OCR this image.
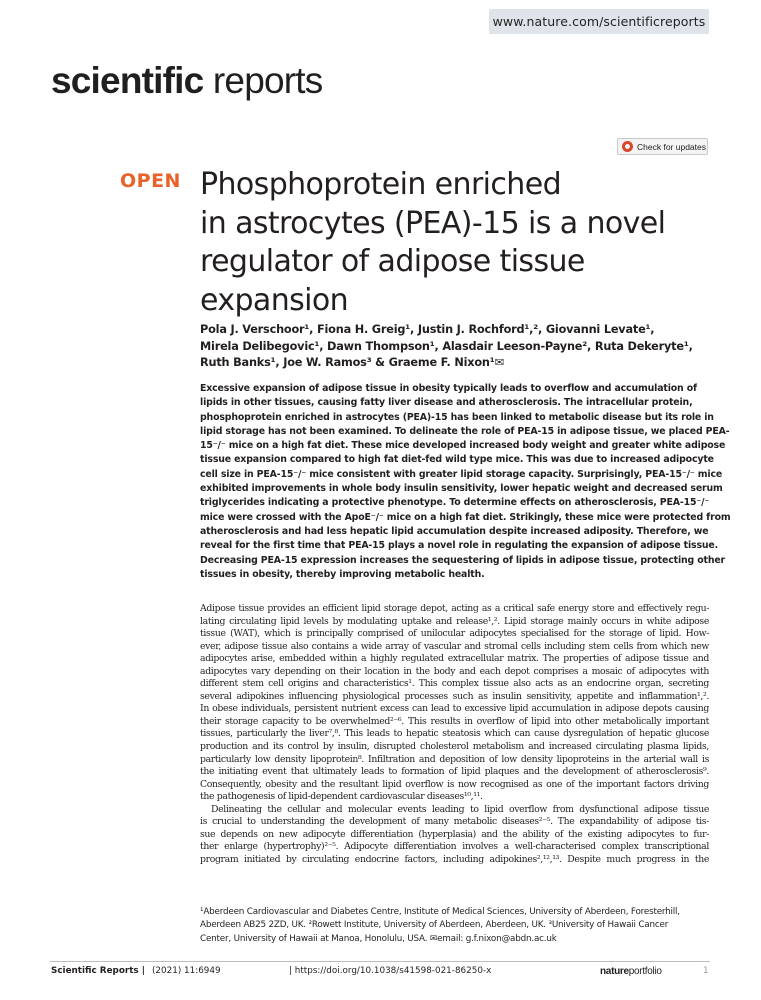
www.nature.com/scientificreports
scientific reports
Check for updates
OPEN Phosphoprotein enriched
in astrocytes (PEA)-15 is a novel
regulator of adipose tissue
expansion
Pola J. Verschoor¹, Fiona H. Greig¹, Justin J. Rochford¹,², Giovanni Levate¹,
Mirela Delibegovic¹, Dawn Thompson¹, Alasdair Leeson-Payne², Ruta Dekeryte¹,
Ruth Banks¹, Joe W. Ramos³ & Graeme F. Nixon¹✉
Excessive expansion of adipose tissue in obesity typically leads to overflow and accumulation of
lipids in other tissues, causing fatty liver disease and atherosclerosis. The intracellular protein,
phosphoprotein enriched in astrocytes (PEA)-15 has been linked to metabolic disease but its role in
lipid storage has not been examined. To delineate the role of PEA-15 in adipose tissue, we placed PEA-
15⁻/⁻ mice on a high fat diet. These mice developed increased body weight and greater white adipose
tissue expansion compared to high fat diet-fed wild type mice. This was due to increased adipocyte
cell size in PEA-15⁻/⁻ mice consistent with greater lipid storage capacity. Surprisingly, PEA-15⁻/⁻ mice
exhibited improvements in whole body insulin sensitivity, lower hepatic weight and decreased serum
triglycerides indicating a protective phenotype. To determine effects on atherosclerosis, PEA-15⁻/⁻
mice were crossed with the ApoE⁻/⁻ mice on a high fat diet. Strikingly, these mice were protected from
atherosclerosis and had less hepatic lipid accumulation despite increased adiposity. Therefore, we
reveal for the first time that PEA-15 plays a novel role in regulating the expansion of adipose tissue.
Decreasing PEA-15 expression increases the sequestering of lipids in adipose tissue, protecting other
tissues in obesity, thereby improving metabolic health.
Adipose tissue provides an efficient lipid storage depot, acting as a critical safe energy store and effectively regu-
lating circulating lipid levels by modulating uptake and release¹,². Lipid storage mainly occurs in white adipose
tissue (WAT), which is principally comprised of unilocular adipocytes specialised for the storage of lipid. How-
ever, adipose tissue also contains a wide array of vascular and stromal cells including stem cells from which new
adipocytes arise, embedded within a highly regulated extracellular matrix. The properties of adipose tissue and
adipocytes vary depending on their location in the body and each depot comprises a mosaic of adipocytes with
different stem cell origins and characteristics¹. This complex tissue also acts as an endocrine organ, secreting
several adipokines influencing physiological processes such as insulin sensitivity, appetite and inflammation¹,².
In obese individuals, persistent nutrient excess can lead to excessive lipid accumulation in adipose depots causing
their storage capacity to be overwhelmed²⁻⁶. This results in overflow of lipid into other metabolically important
tissues, particularly the liver⁷,⁸. This leads to hepatic steatosis which can cause dysregulation of hepatic glucose
production and its control by insulin, disrupted cholesterol metabolism and increased circulating plasma lipids,
particularly low density lipoprotein⁸. Infiltration and deposition of low density lipoproteins in the arterial wall is
the initiating event that ultimately leads to formation of lipid plaques and the development of atherosclerosis⁹.
Consequently, obesity and the resultant lipid overflow is now recognised as one of the important factors driving
the pathogenesis of lipid-dependent cardiovascular diseases¹⁰,¹¹.
Delineating the cellular and molecular events leading to lipid overflow from dysfunctional adipose tissue
is crucial to understanding the development of many metabolic diseases²⁻⁵. The expandability of adipose tis-
sue depends on new adipocyte differentiation (hyperplasia) and the ability of the existing adipocytes to fur-
ther enlarge (hypertrophy)²⁻⁵. Adipocyte differentiation involves a well-characterised complex transcriptional
program initiated by circulating endocrine factors, including adipokines²,¹²,¹³. Despite much progress in the
¹Aberdeen Cardiovascular and Diabetes Centre, Institute of Medical Sciences, University of Aberdeen, Foresterhill,
Aberdeen AB25 2ZD, UK. ²Rowett Institute, University of Aberdeen, Aberdeen, UK. ³University of Hawaii Cancer
Center, University of Hawaii at Manoa, Honolulu, USA. ✉email: g.f.nixon@abdn.ac.uk
Scientific Reports | (2021) 11:6949	| https://doi.org/10.1038/s41598-021-86250-x	natureportfolio	1
